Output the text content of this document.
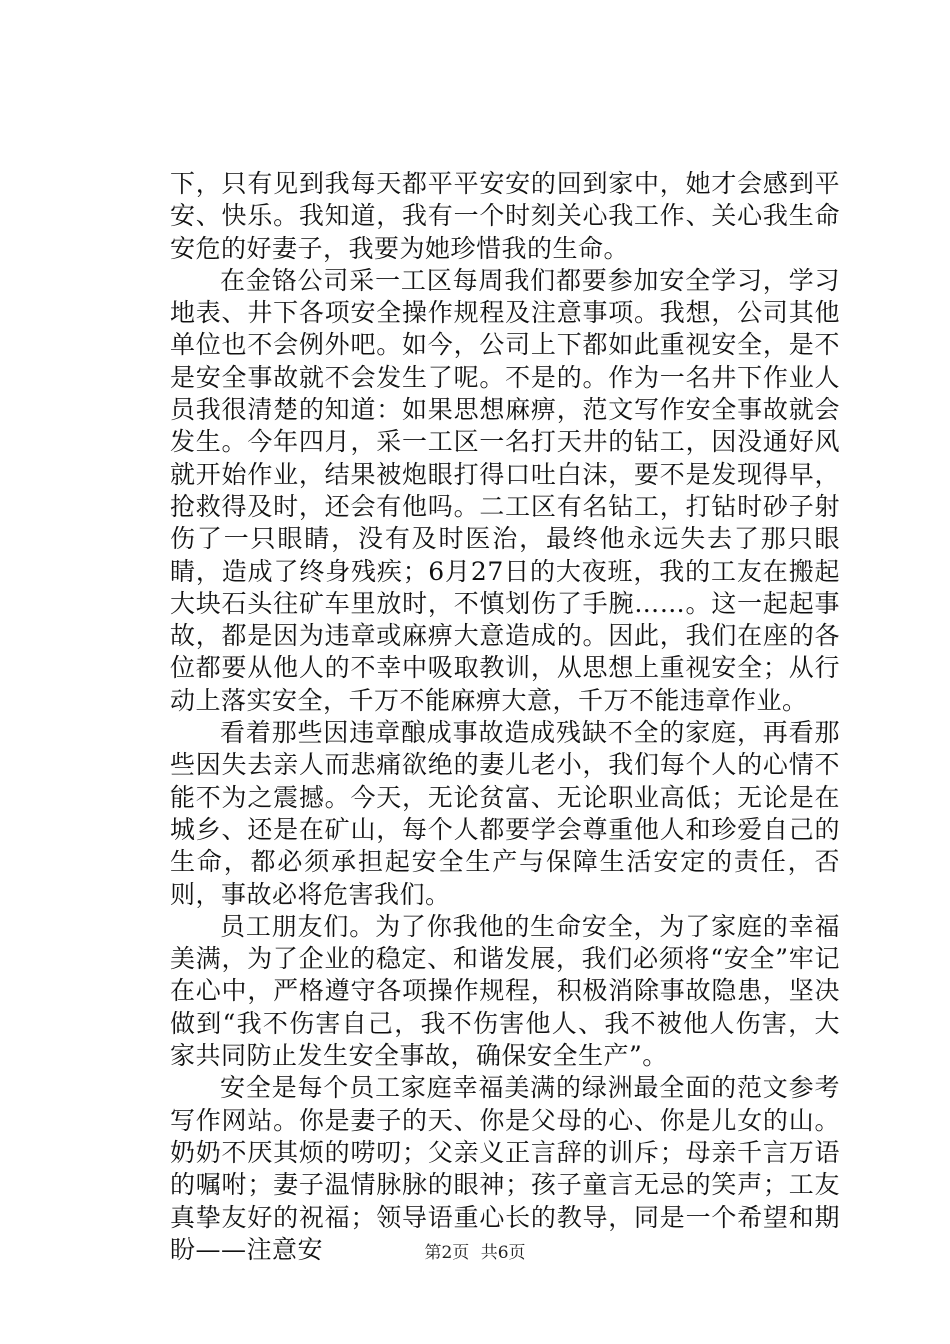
下，只有见到我每天都平平安安的回到家中，她才会感到平安、快乐。我知道，我有一个时刻关心我工作、关心我生命安危的好妻子，我要为她珍惜我的生命。

在金铬公司采一工区每周我们都要参加安全学习，学习地表、井下各项安全操作规程及注意事项。我想，公司其他单位也不会例外吧。如今，公司上下都如此重视安全，是不是安全事故就不会发生了呢。不是的。作为一名井下作业人员我很清楚的知道：如果思想麻痹，范文写作安全事故就会发生。今年四月，采一工区一名打天井的钻工，因没通好风就开始作业，结果被炮眼打得口吐白沫，要不是发现得早，抢救得及时，还会有他吗。二工区有名钻工，打钻时砂子射伤了一只眼睛，没有及时医治，最终他永远失去了那只眼睛，造成了终身残疾；6月27日的大夜班，我的工友在搬起大块石头往矿车里放时，不慎划伤了手腕……。这一起起事故，都是因为违章或麻痹大意造成的。因此，我们在座的各位都要从他人的不幸中吸取教训，从思想上重视安全；从行动上落实安全，千万不能麻痹大意，千万不能违章作业。

看着那些因违章酿成事故造成残缺不全的家庭，再看那些因失去亲人而悲痛欲绝的妻儿老小，我们每个人的心情不能不为之震撼。今天，无论贫富、无论职业高低；无论是在城乡、还是在矿山，每个人都要学会尊重他人和珍爱自己的生命，都必须承担起安全生产与保障生活安定的责任，否则，事故必将危害我们。

员工朋友们。为了你我他的生命安全，为了家庭的幸福美满，为了企业的稳定、和谐发展，我们必须将“安全”牢记在心中，严格遵守各项操作规程，积极消除事故隐患，坚决做到“我不伤害自己，我不伤害他人、我不被他人伤害，大家共同防止发生安全事故，确保安全生产”。

安全是每个员工家庭幸福美满的绿洲最全面的范文参考写作网站。你是妻子的天、你是父母的心、你是儿女的山。奶奶不厌其烦的唠叨；父亲义正言辞的训斥；母亲千言万语的嘱咐；妻子温情脉脉的眼神；孩子童言无忌的笑声；工友真挚友好的祝福；领导语重心长的教导，同是一个希望和期盼——注意安	第2页 共6页
